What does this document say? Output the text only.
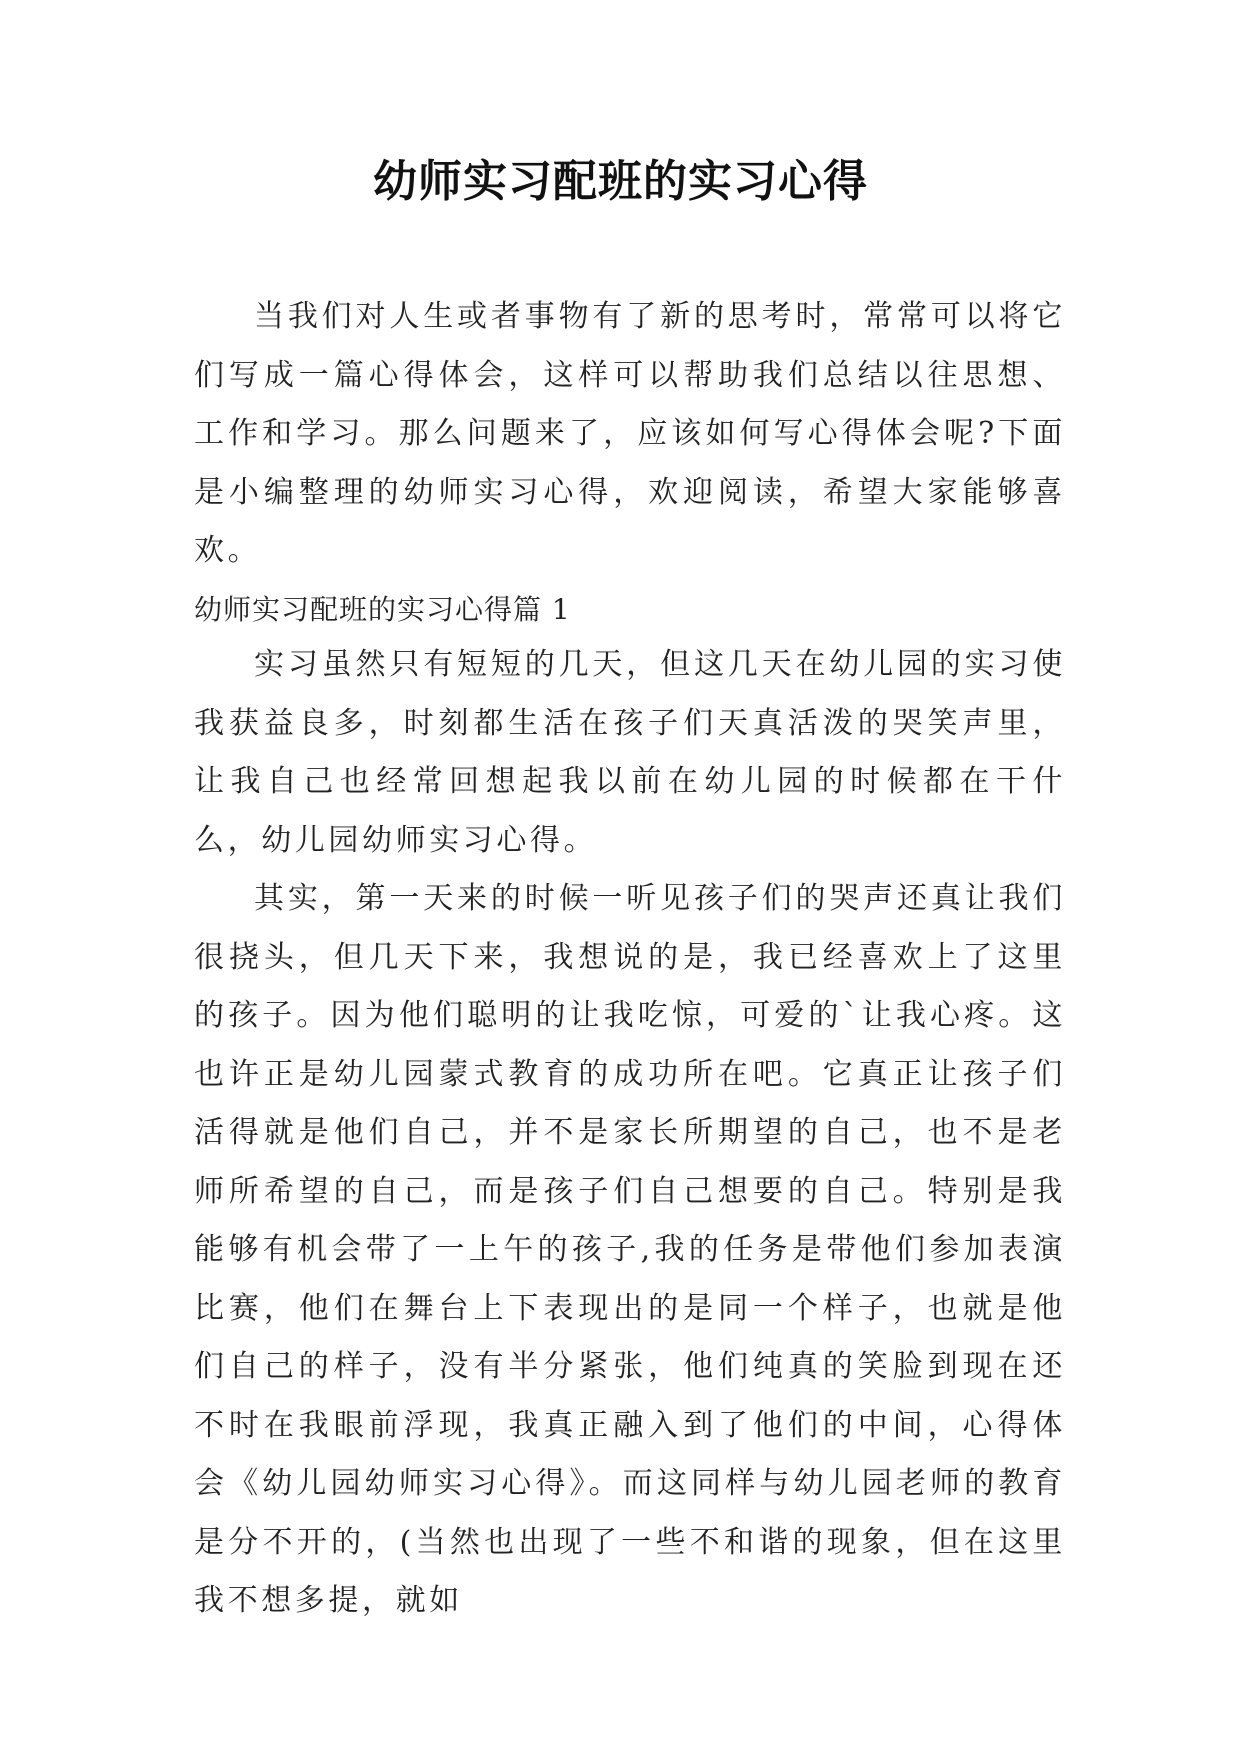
幼师实习配班的实习心得

当我们对人生或者事物有了新的思考时，常常可以将它们写成一篇心得体会，这样可以帮助我们总结以往思想、工作和学习。那么问题来了，应该如何写心得体会呢?下面是小编整理的幼师实习心得，欢迎阅读，希望大家能够喜欢。

幼师实习配班的实习心得篇 1

实习虽然只有短短的几天，但这几天在幼儿园的实习使我获益良多，时刻都生活在孩子们天真活泼的哭笑声里，让我自己也经常回想起我以前在幼儿园的时候都在干什么，幼儿园幼师实习心得。

其实，第一天来的时候一听见孩子们的哭声还真让我们很挠头，但几天下来，我想说的是，我已经喜欢上了这里的孩子。因为他们聪明的让我吃惊，可爱的`让我心疼。这也许正是幼儿园蒙式教育的成功所在吧。它真正让孩子们活得就是他们自己，并不是家长所期望的自己，也不是老师所希望的自己，而是孩子们自己想要的自己。特别是我能够有机会带了一上午的孩子,我的任务是带他们参加表演比赛，他们在舞台上下表现出的是同一个样子，也就是他们自己的样子，没有半分紧张，他们纯真的笑脸到现在还不时在我眼前浮现，我真正融入到了他们的中间，心得体会《幼儿园幼师实习心得》。而这同样与幼儿园老师的教育是分不开的，(当然也出现了一些不和谐的现象，但在这里我不想多提，就如
